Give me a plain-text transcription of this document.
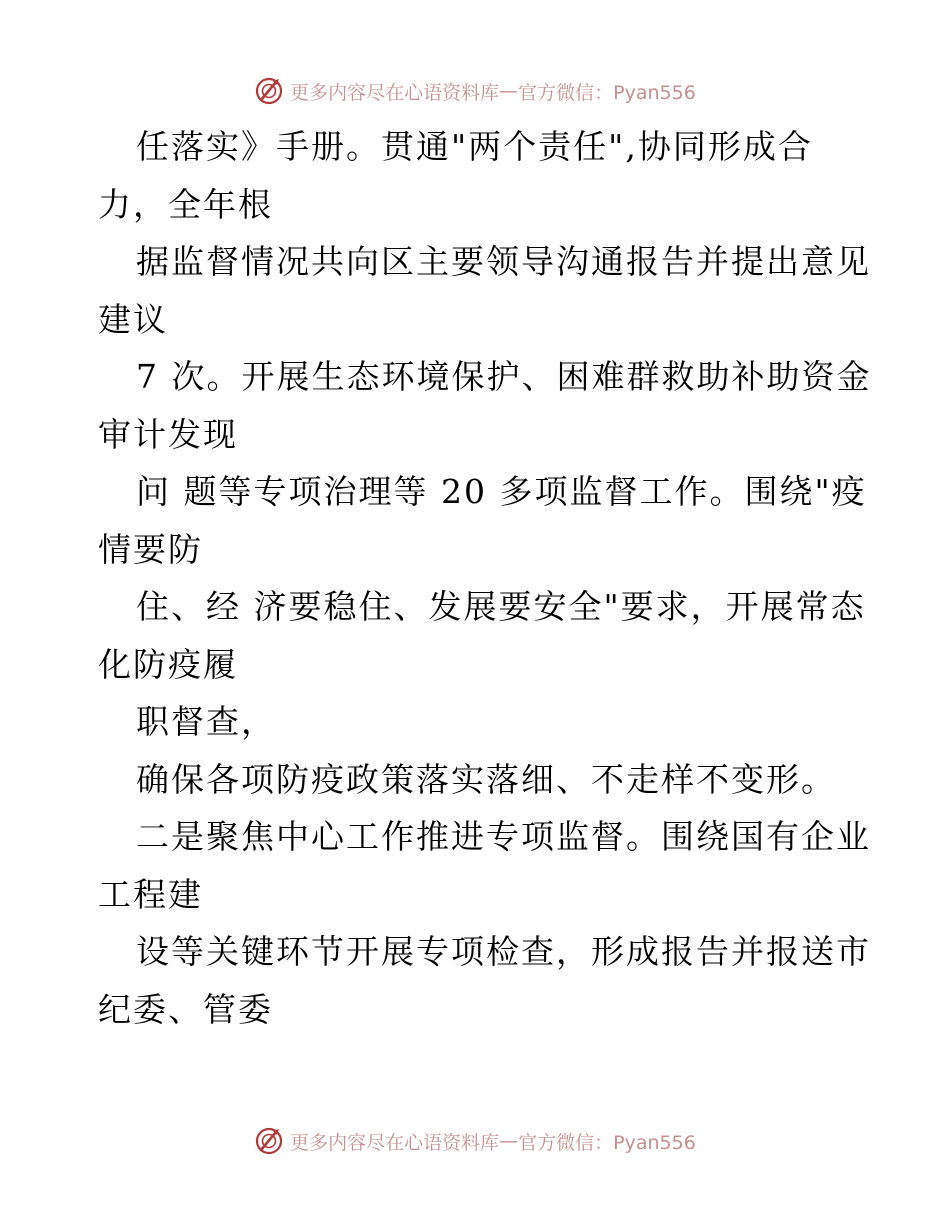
更多内容尽在心语资料库 — 官方微信：Pyan556
任落实》手册。贯通"两个责任",协同形成合
力，全年根
据监督情况共向区主要领导沟通报告并提出意见
建议
7 次。开展生态环境保护、困难群救助补助资金
审计发现
问 题等专项治理等 20 多项监督工作。围绕"疫
情要防
住、经 济要稳住、发展要安全"要求，开展常态
化防疫履
职督查，
确保各项防疫政策落实落细、不走样不变形。
二是聚焦中心工作推进专项监督。围绕国有企业
工程建
设等关键环节开展专项检查，形成报告并报送市
纪委、管委
更多内容尽在心语资料库 — 官方微信：Pyan556
